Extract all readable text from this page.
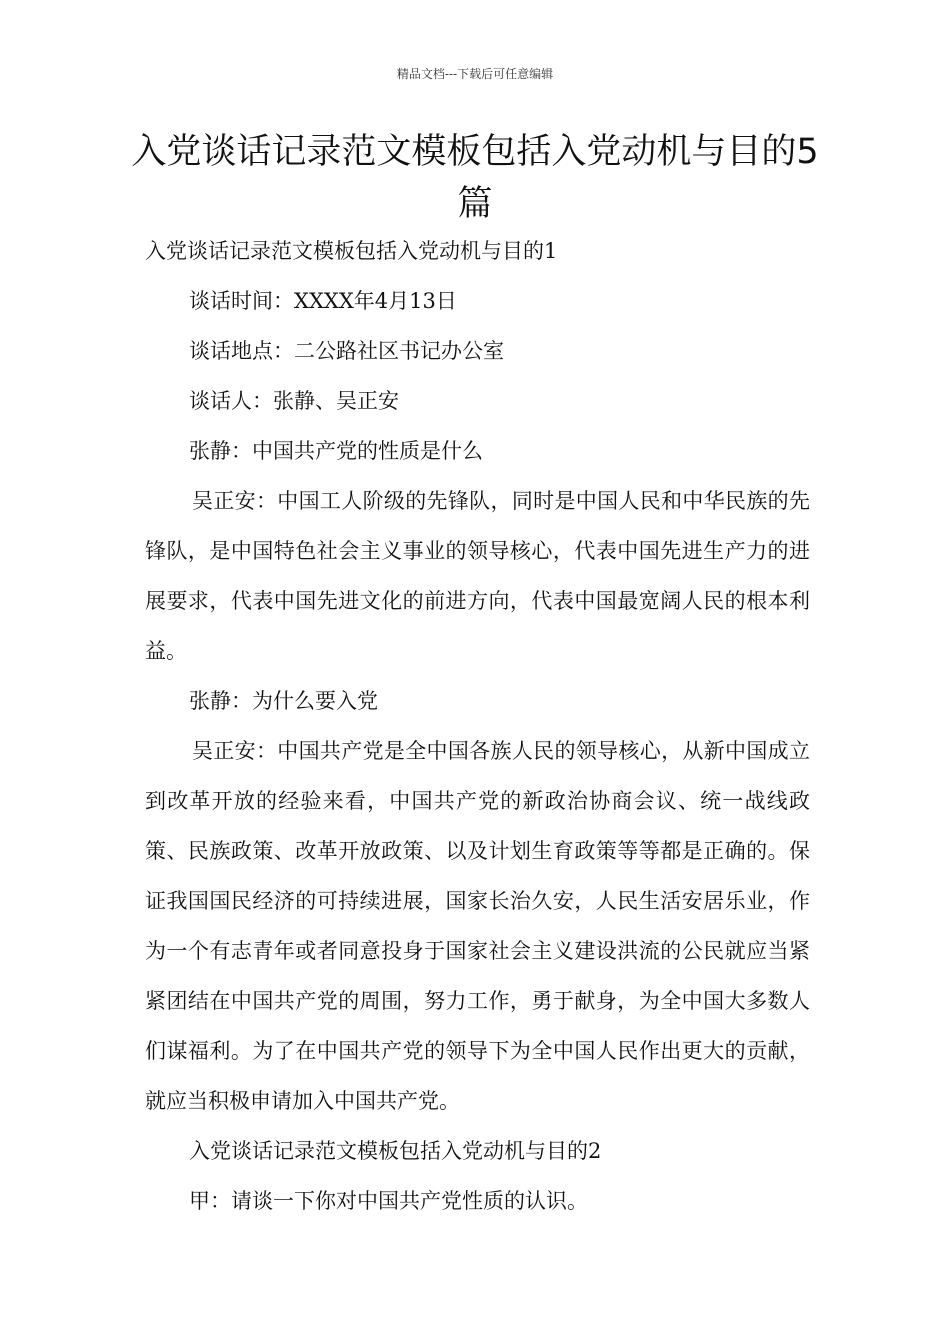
精品文档---下载后可任意编辑
入党谈话记录范文模板包括入党动机与目的5篇

入党谈话记录范文模板包括入党动机与目的1

谈话时间：XXXX年4月13日

谈话地点：二公路社区书记办公室

谈话人：张静、吴正安

张静：中国共产党的性质是什么

吴正安：中国工人阶级的先锋队，同时是中国人民和中华民族的先锋队，是中国特色社会主义事业的领导核心，代表中国先进生产力的进展要求，代表中国先进文化的前进方向，代表中国最宽阔人民的根本利益。

张静：为什么要入党

吴正安：中国共产党是全中国各族人民的领导核心，从新中国成立到改革开放的经验来看，中国共产党的新政治协商会议、统一战线政策、民族政策、改革开放政策、以及计划生育政策等等都是正确的。保证我国国民经济的可持续进展，国家长治久安，人民生活安居乐业，作为一个有志青年或者同意投身于国家社会主义建设洪流的公民就应当紧紧团结在中国共产党的周围，努力工作，勇于献身，为全中国大多数人们谋福利。为了在中国共产党的领导下为全中国人民作出更大的贡献，就应当积极申请加入中国共产党。

入党谈话记录范文模板包括入党动机与目的2

甲：请谈一下你对中国共产党性质的认识。
